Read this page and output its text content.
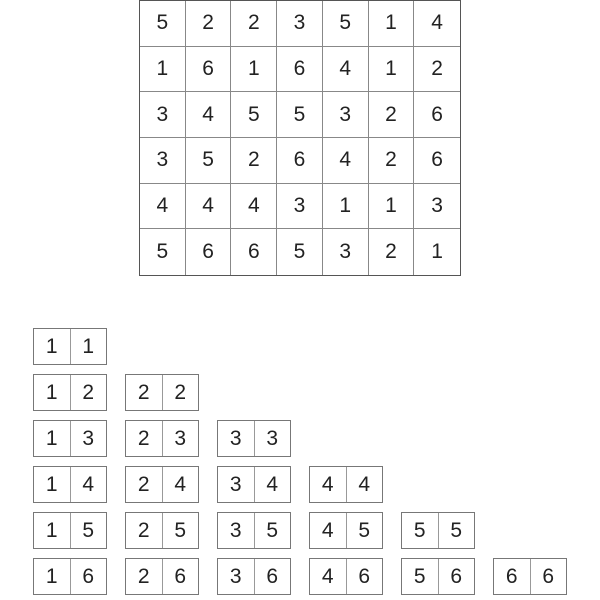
5	2	2	3	5	1	4
1	6	1	6	4	1	2
3	4	5	5	3	2	6
3	5	2	6	4	2	6
4	4	4	3	1	1	3
5	6	6	5	3	2	1
1	1
1	2	2	2
1	3	2	3	3	3
1	4	2	4	3	4	4	4
1	5	2	5	3	5	4	5	5	5
1	6	2	6	3	6	4	6	5	6	6	6
